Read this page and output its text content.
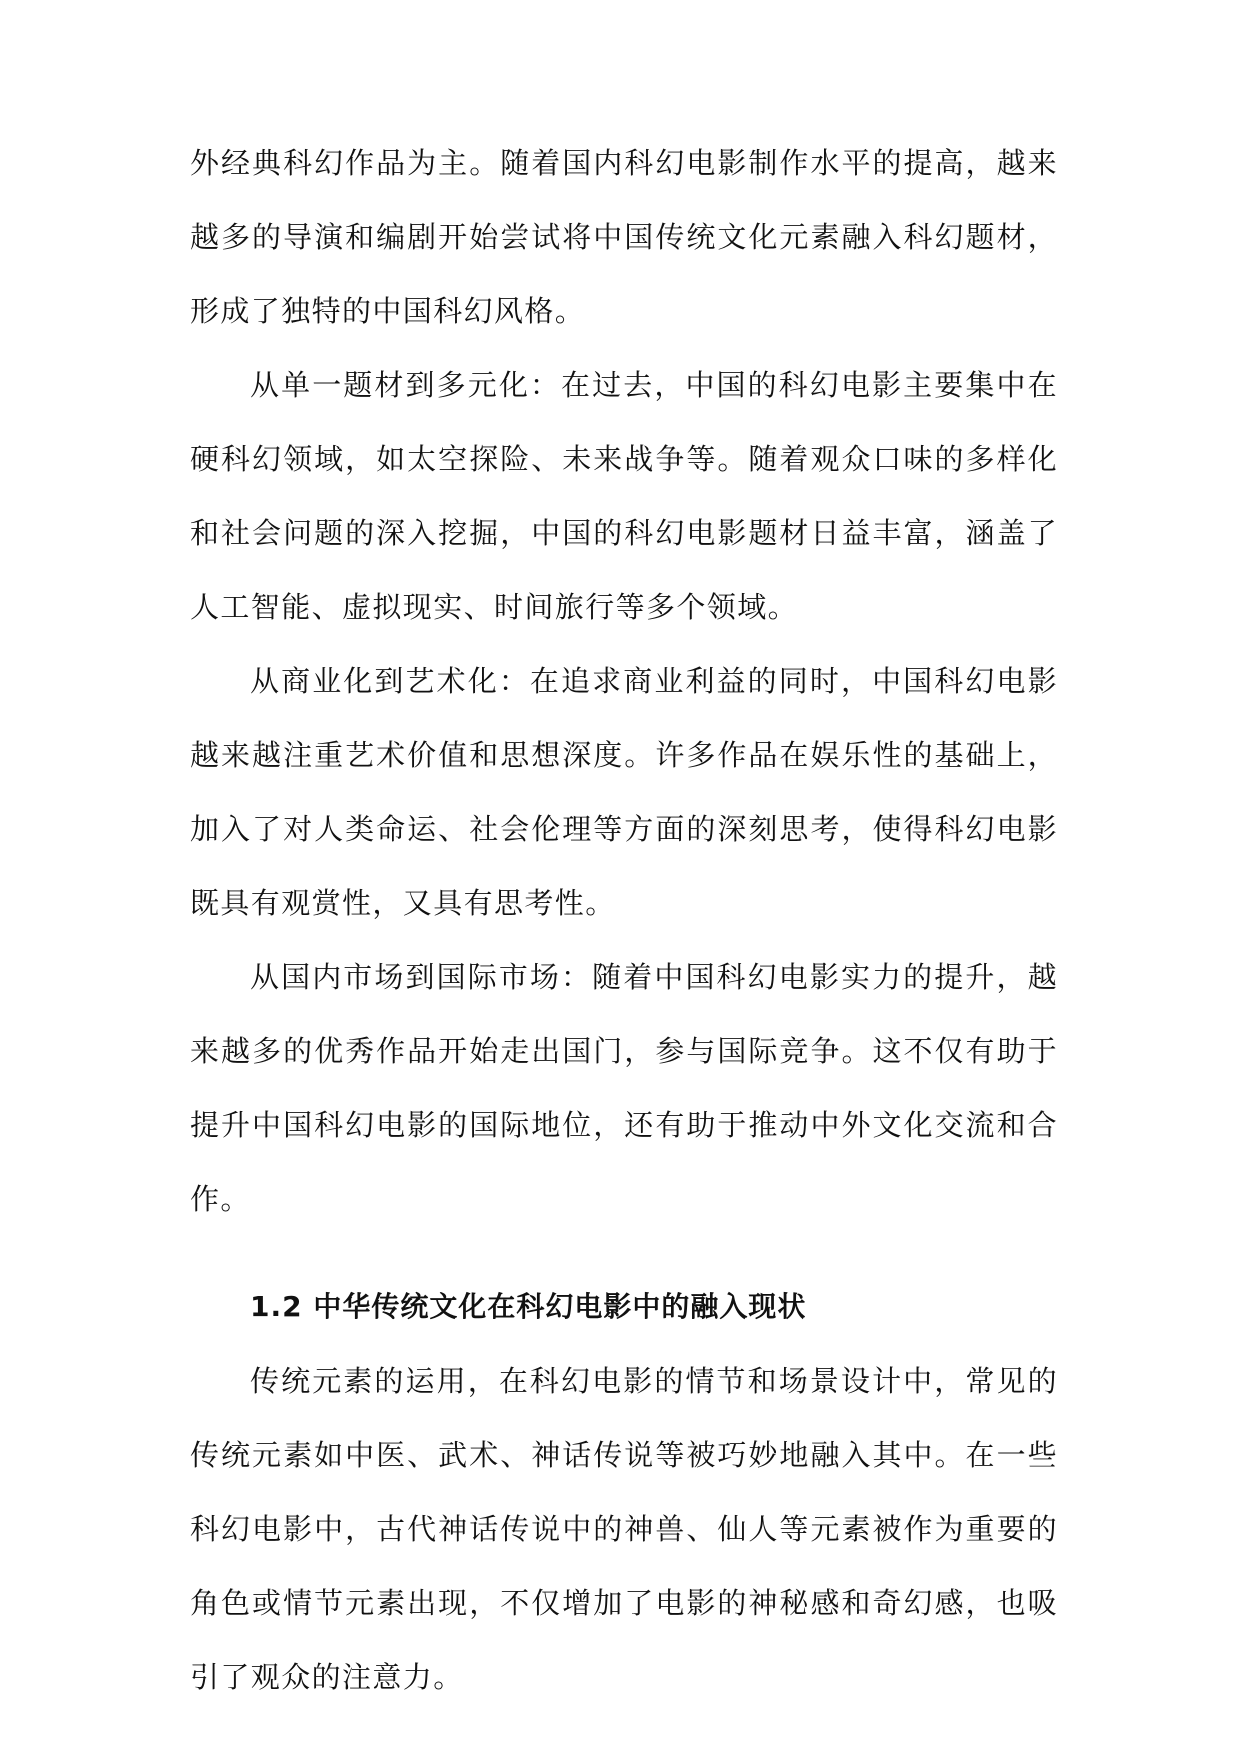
外经典科幻作品为主。随着国内科幻电影制作水平的提高，越来越多的导演和编剧开始尝试将中国传统文化元素融入科幻题材，形成了独特的中国科幻风格。

从单一题材到多元化：在过去，中国的科幻电影主要集中在硬科幻领域，如太空探险、未来战争等。随着观众口味的多样化和社会问题的深入挖掘，中国的科幻电影题材日益丰富，涵盖了人工智能、虚拟现实、时间旅行等多个领域。

从商业化到艺术化：在追求商业利益的同时，中国科幻电影越来越注重艺术价值和思想深度。许多作品在娱乐性的基础上，加入了对人类命运、社会伦理等方面的深刻思考，使得科幻电影既具有观赏性，又具有思考性。

从国内市场到国际市场：随着中国科幻电影实力的提升，越来越多的优秀作品开始走出国门，参与国际竞争。这不仅有助于提升中国科幻电影的国际地位，还有助于推动中外文化交流和合作。

1.2 中华传统文化在科幻电影中的融入现状

传统元素的运用，在科幻电影的情节和场景设计中，常见的传统元素如中医、武术、神话传说等被巧妙地融入其中。在一些科幻电影中，古代神话传说中的神兽、仙人等元素被作为重要的角色或情节元素出现，不仅增加了电影的神秘感和奇幻感，也吸引了观众的注意力。
